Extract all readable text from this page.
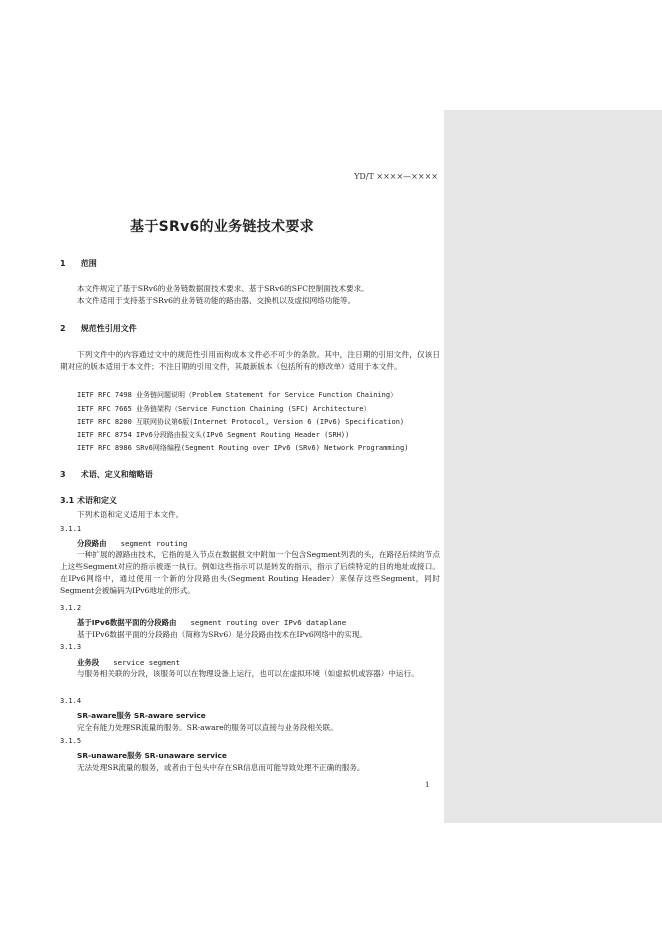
YD/T ××××—××××
基于SRv6的业务链技术要求
1 范围
本文件规定了基于SRv6的业务链数据面技术要求、基于SRv6的SFC控制面技术要求。
本文件适用于支持基于SRv6的业务链功能的路由器、交换机以及虚拟网络功能等。
2 规范性引用文件
下列文件中的内容通过文中的规范性引用而构成本文件必不可少的条款。其中，注日期的引用文件，仅该日期对应的版本适用于本文件；不注日期的引用文件，其最新版本（包括所有的修改单）适用于本文件。
IETF RFC 7498 业务链问题说明（Problem Statement for Service Function Chaining）
IETF RFC 7665 业务链架构（Service Function Chaining (SFC) Architecture）
IETF RFC 8200 互联网协议第6版(Internet Protocol, Version 6 (IPv6) Specification)
IETF RFC 8754 IPv6分段路由报文头(IPv6 Segment Routing Header (SRH))
IETF RFC 8986 SRv6网络编程(Segment Routing over IPv6 (SRv6) Network Programming)
3 术语、定义和缩略语
3.1 术语和定义
下列术语和定义适用于本文件。
3.1.1
分段路由 segment routing
一种扩展的源路由技术，它指的是入节点在数据报文中附加一个包含Segment列表的头，在路径后续的节点上这些Segment对应的指示被逐一执行。例如这些指示可以是转发的指示，指示了后续特定的目的地址或接口。在IPv6网络中，通过使用一个新的分段路由头(Segment Routing Header）来保存这些Segment，同时Segment会被编码为IPv6地址的形式。
3.1.2
基于IPv6数据平面的分段路由 segment routing over IPv6 dataplane
基于IPv6数据平面的分段路由（简称为SRv6）是分段路由技术在IPv6网络中的实现。
3.1.3
业务段 service segment
与服务相关联的分段，该服务可以在物理设备上运行，也可以在虚拟环境（如虚拟机或容器）中运行。
3.1.4
SR-aware服务 SR-aware service
完全有能力处理SR流量的服务。SR-aware的服务可以直接与业务段相关联。
3.1.5
SR-unaware服务 SR-unaware service
无法处理SR流量的服务，或者由于包头中存在SR信息而可能导致处理不正确的服务。
1
